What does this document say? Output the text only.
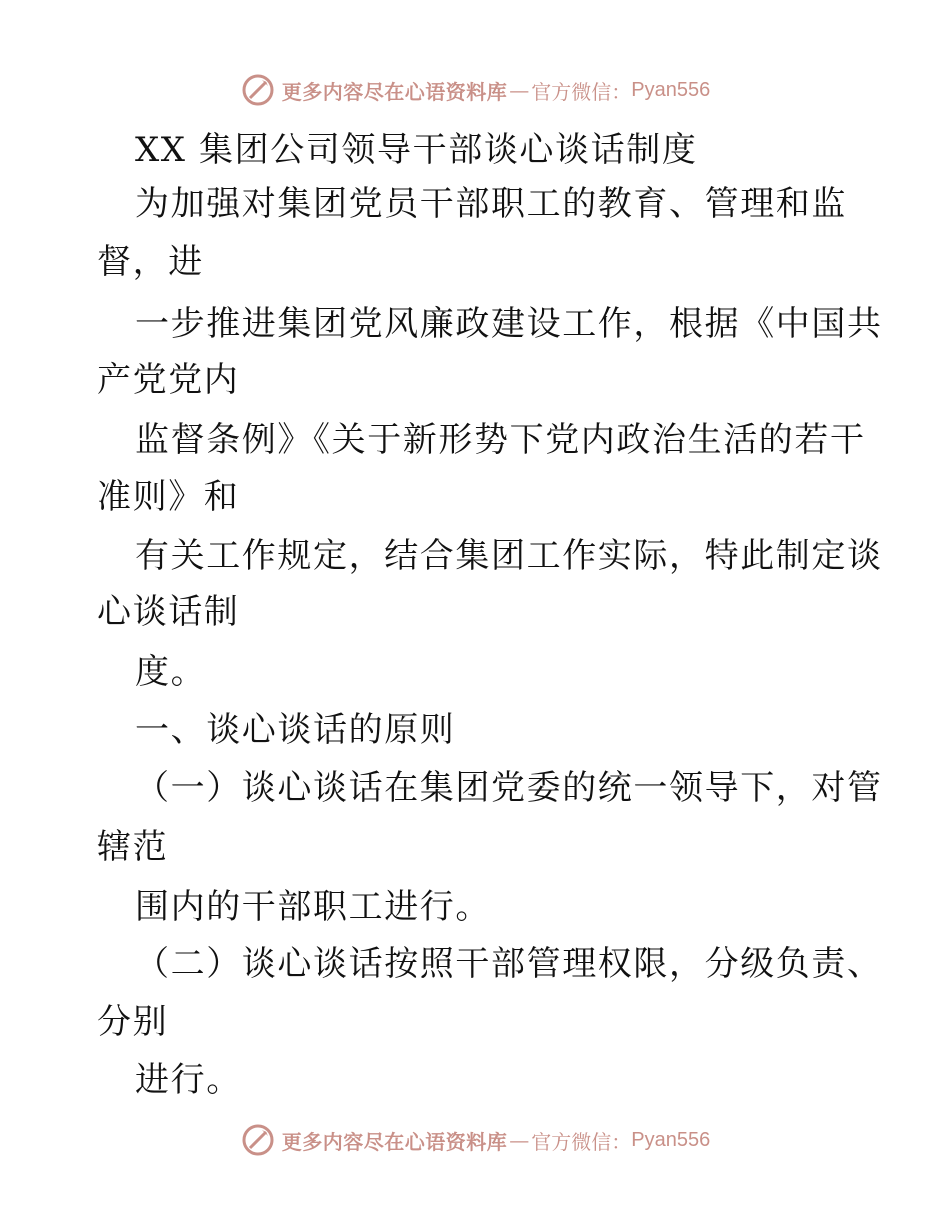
更多内容尽在心语资料库 — 官方微信： Pyan556
XX 集团公司领导干部谈心谈话制度
为加强对集团党员干部职工的教育、管理和监
督，进
一步推进集团党风廉政建设工作，根据《中国共
产党党内
监督条例》《关于新形势下党内政治生活的若干
准则》和
有关工作规定，结合集团工作实际，特此制定谈
心谈话制
度。
一、谈心谈话的原则
（一）谈心谈话在集团党委的统一领导下，对管
辖范
围内的干部职工进行。
（二）谈心谈话按照干部管理权限，分级负责、
分别
进行。
更多内容尽在心语资料库 — 官方微信： Pyan556
